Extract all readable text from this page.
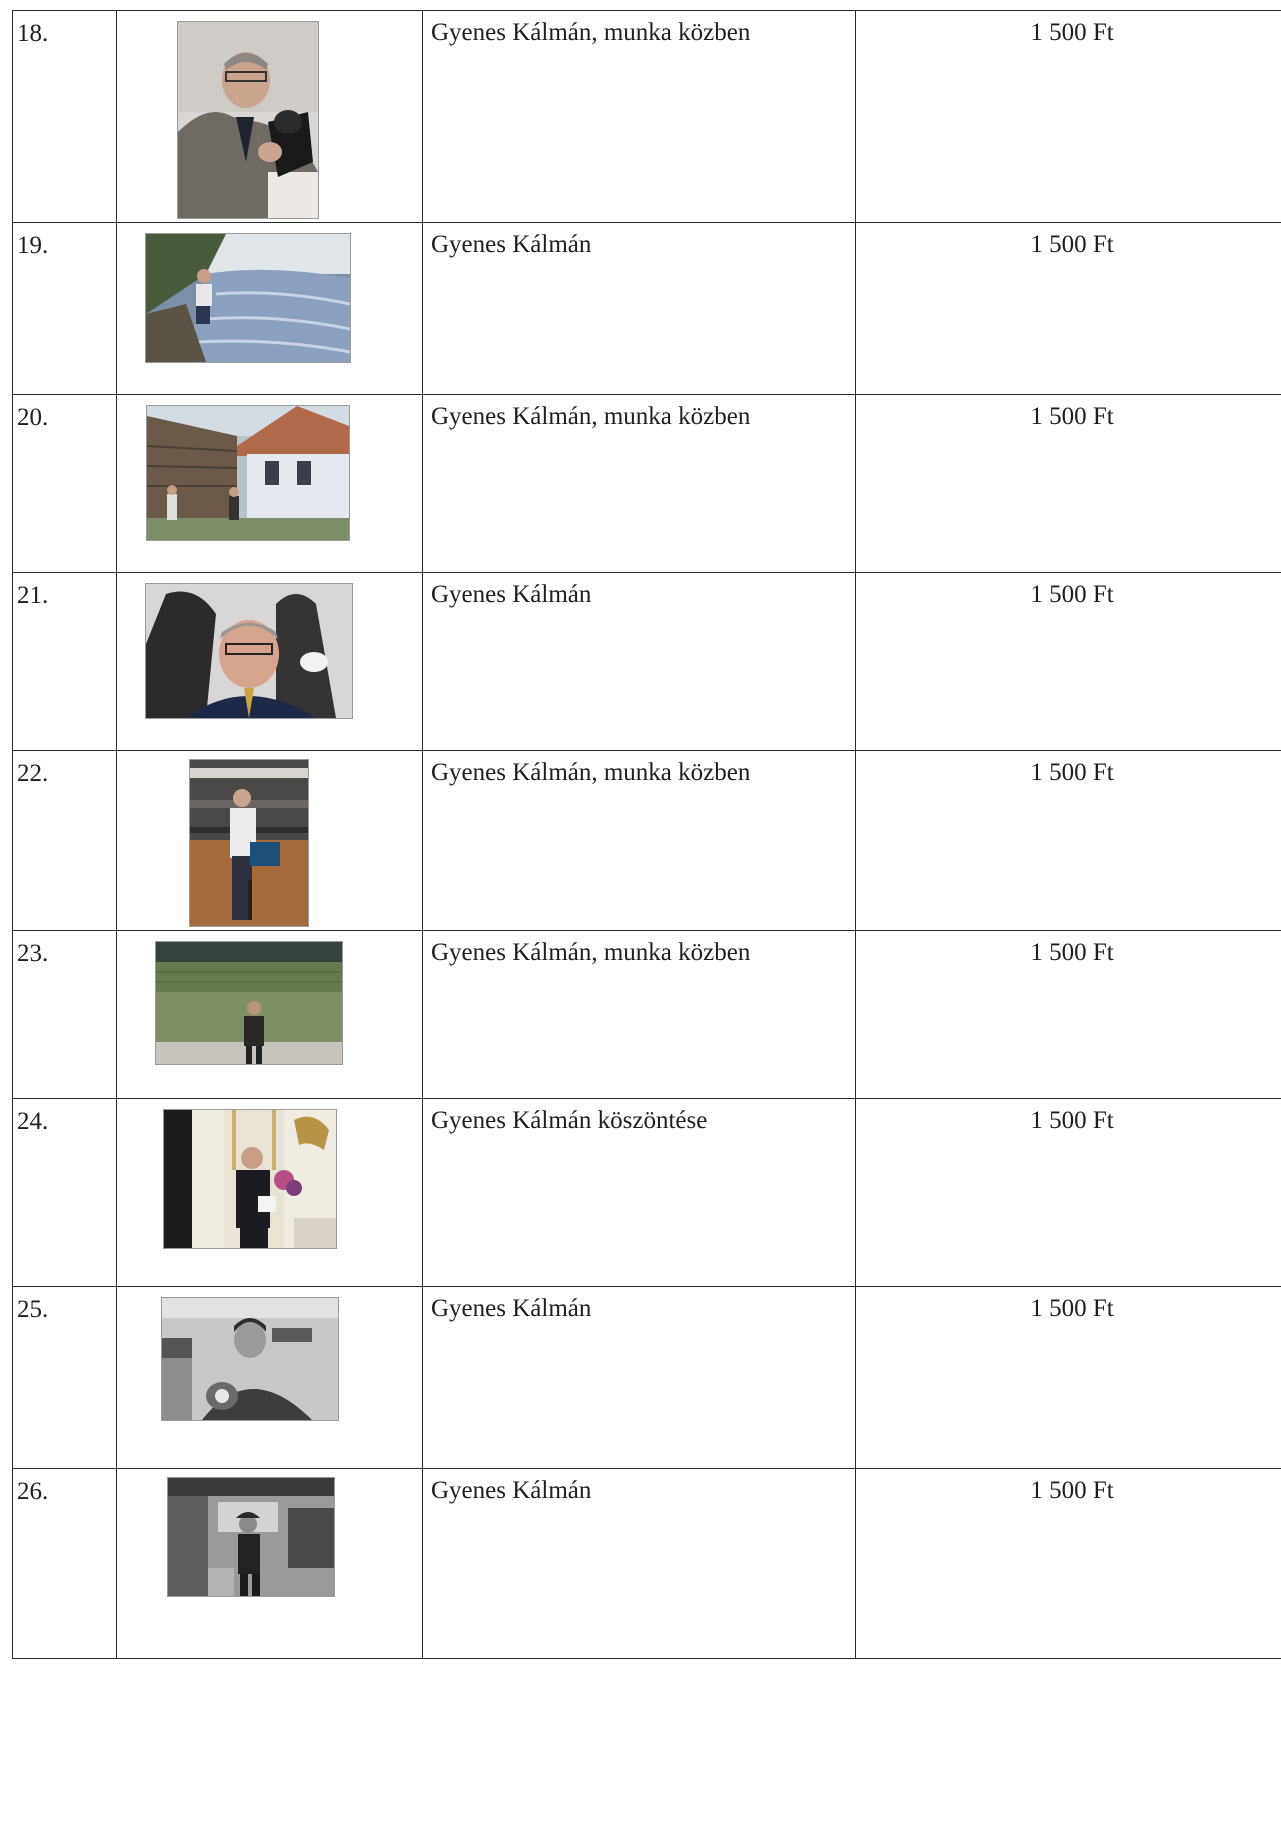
18.		Gyenes Kálmán, munka közben	1 500 Ft

19.		Gyenes Kálmán	1 500 Ft

20.		Gyenes Kálmán, munka közben	1 500 Ft

21.		Gyenes Kálmán	1 500 Ft

22.		Gyenes Kálmán, munka közben	1 500 Ft

23.		Gyenes Kálmán, munka közben	1 500 Ft

24.		Gyenes Kálmán köszöntése	1 500 Ft

25.		Gyenes Kálmán	1 500 Ft

26.		Gyenes Kálmán	1 500 Ft
